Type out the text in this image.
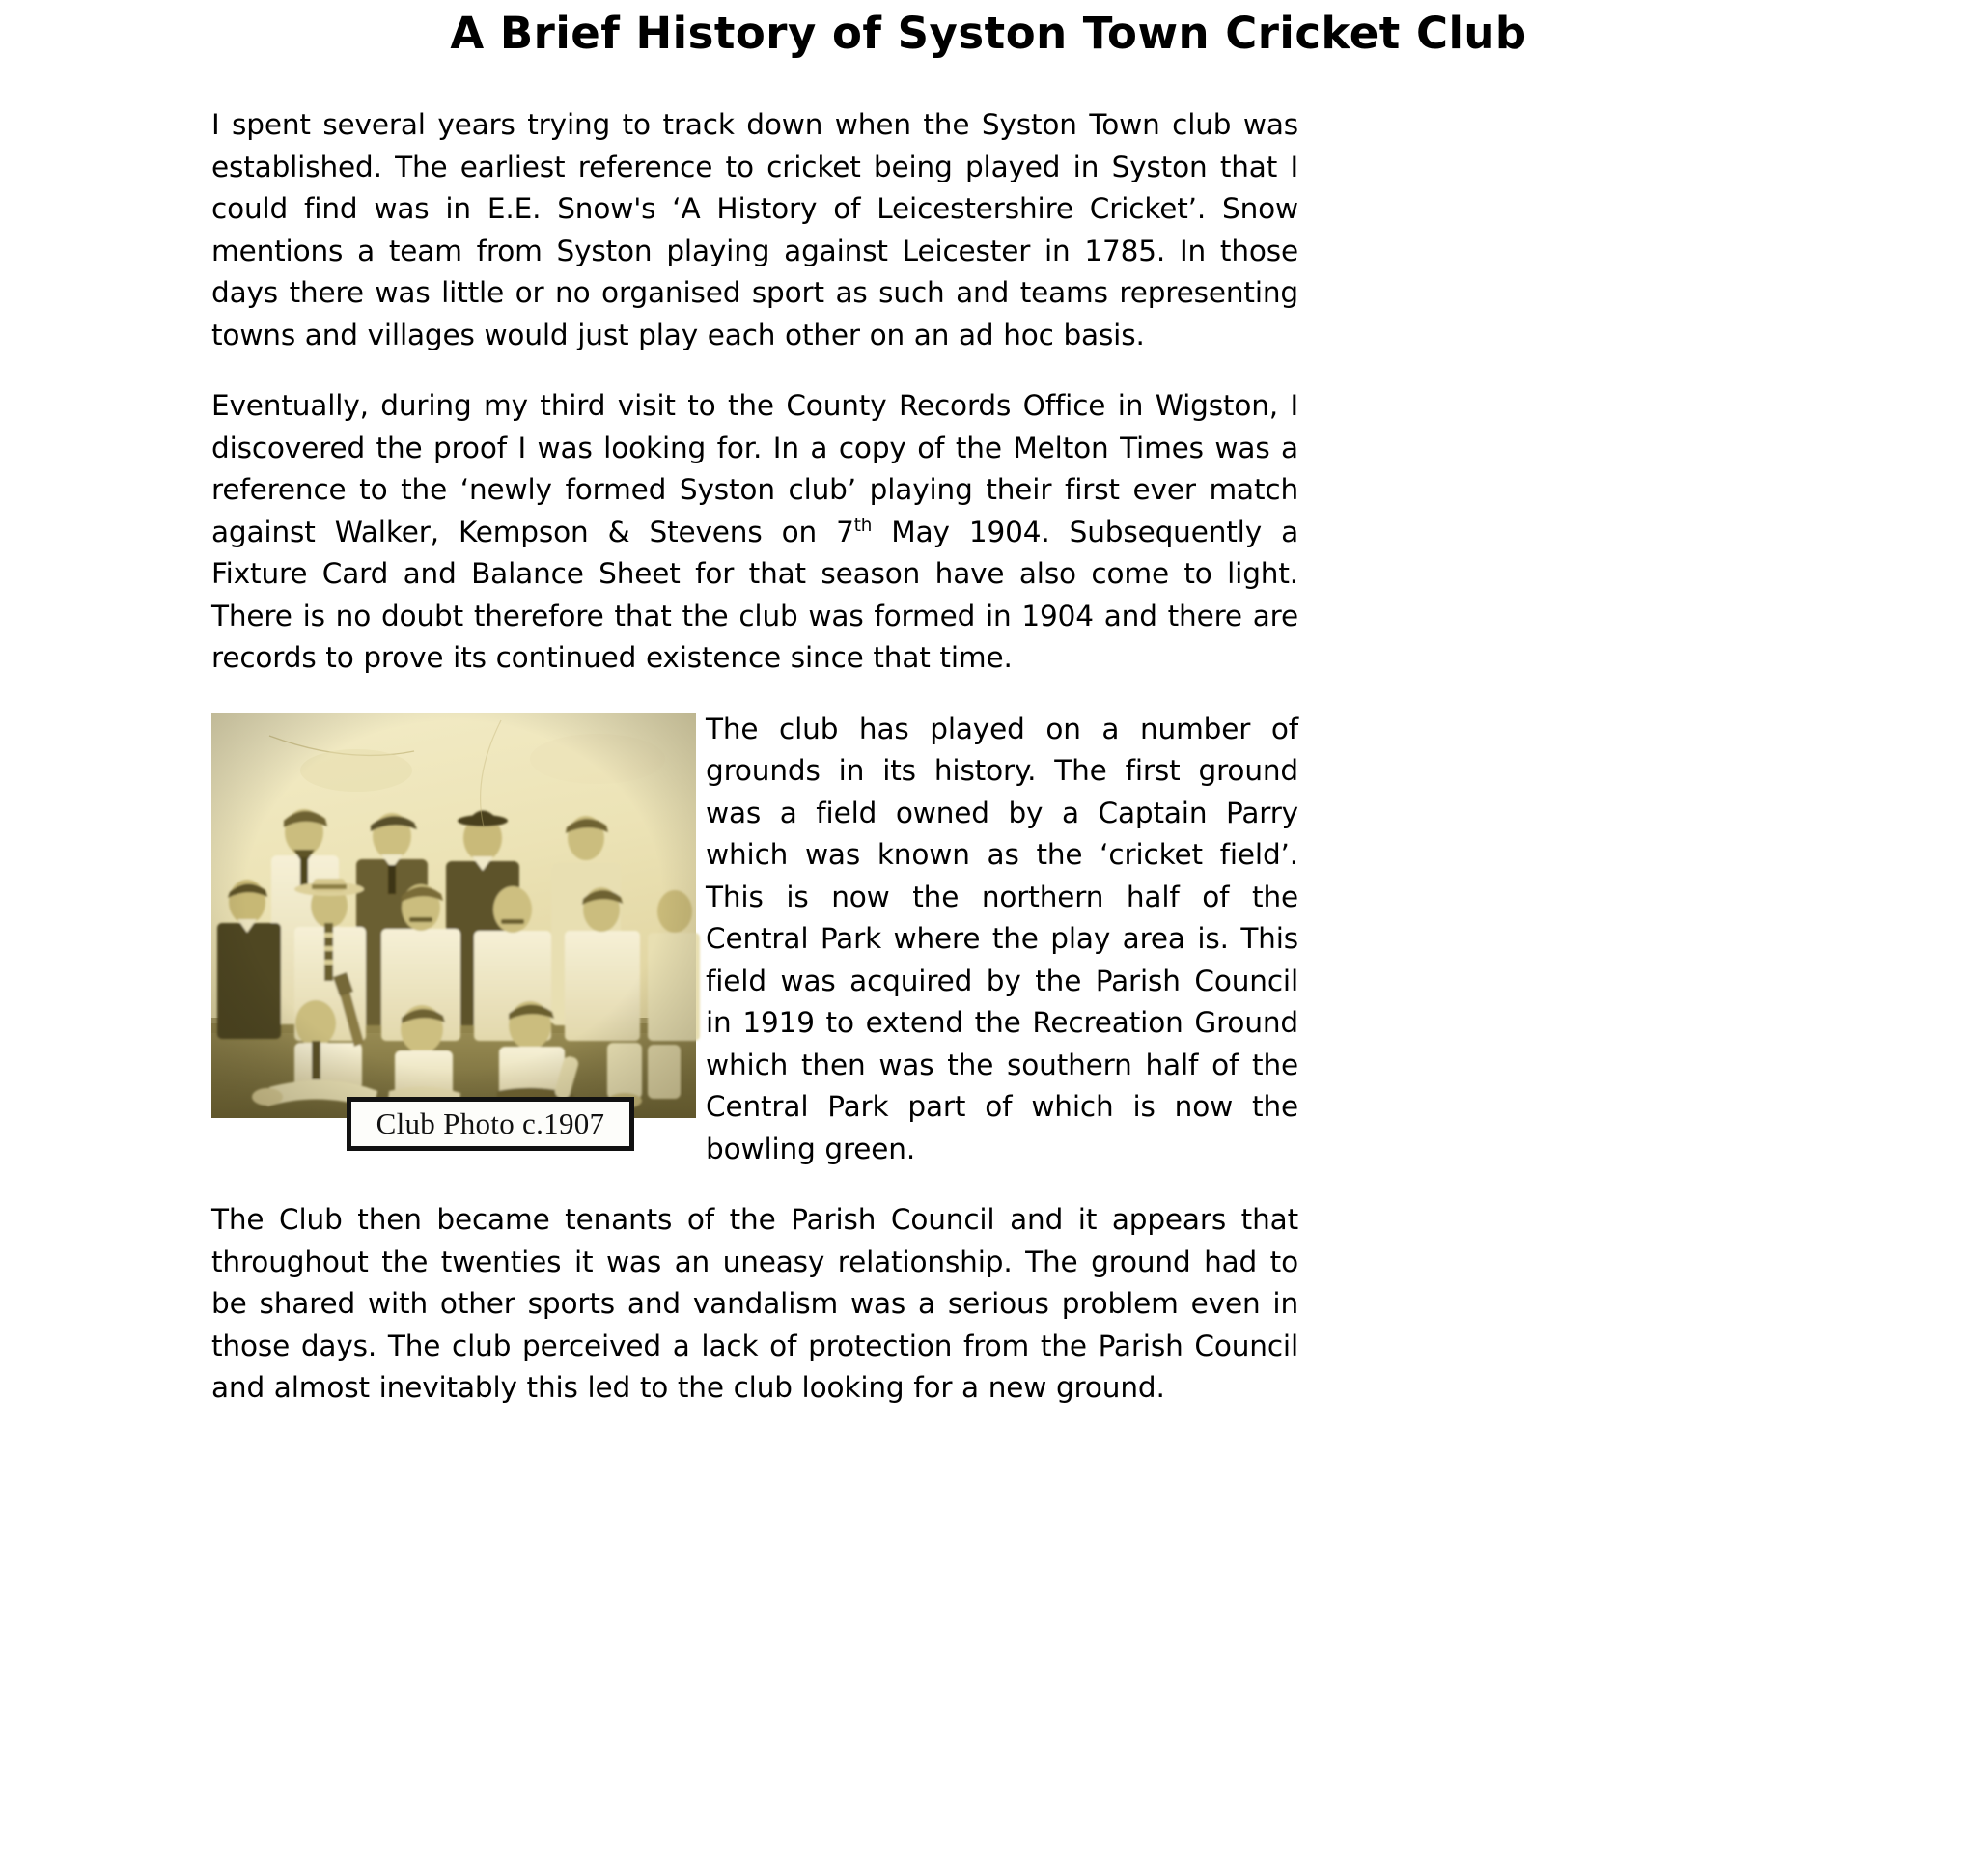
A Brief History of Syston Town Cricket Club

I spent several years trying to track down when the Syston Town club was established. The earliest reference to cricket being played in Syston that I could find was in E.E. Snow's ‘A History of Leicestershire Cricket’. Snow mentions a team from Syston playing against Leicester in 1785. In those days there was little or no organised sport as such and teams representing towns and villages would just play each other on an ad hoc basis.

Eventually, during my third visit to the County Records Office in Wigston, I discovered the proof I was looking for. In a copy of the Melton Times was a reference to the ‘newly formed Syston club’ playing their first ever match against Walker, Kempson & Stevens on 7th May 1904. Subsequently a Fixture Card and Balance Sheet for that season have also come to light. There is no doubt therefore that the club was formed in 1904 and there are records to prove its continued existence since that time.

Club Photo c.1907

The club has played on a number of grounds in its history. The first ground was a field owned by a Captain Parry which was known as the ‘cricket field’. This is now the northern half of the Central Park where the play area is. This field was acquired by the Parish Council in 1919 to extend the Recreation Ground which then was the southern half of the Central Park part of which is now the bowling green.

The Club then became tenants of the Parish Council and it appears that throughout the twenties it was an uneasy relationship. The ground had to be shared with other sports and vandalism was a serious problem even in those days. The club perceived a lack of protection from the Parish Council and almost inevitably this led to the club looking for a new ground.
